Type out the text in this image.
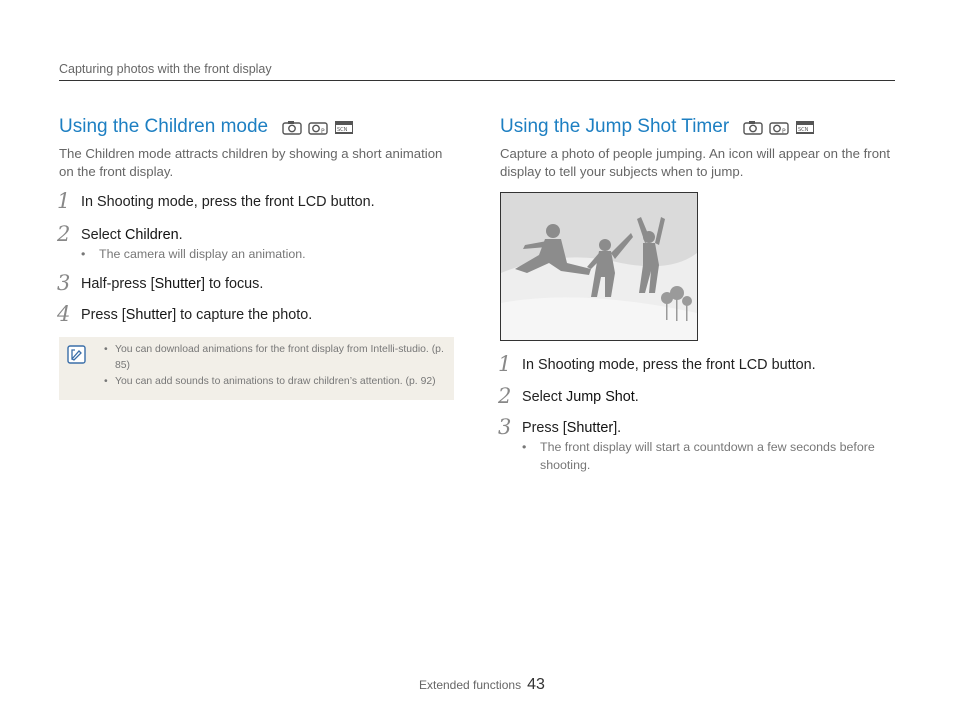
Capturing photos with the front display
Using the Children mode	P SCN

The Children mode attracts children by showing a short animation on the front display.

1 In Shooting mode, press the front LCD button.
2 Select Children.
• The camera will display an animation.
3 Half-press [Shutter] to focus.
4 Press [Shutter] to capture the photo.
• You can download animations for the front display from Intelli-studio. (p. 85)
• You can add sounds to animations to draw children’s attention. (p. 92)
Using the Jump Shot Timer	P SCN

Capture a photo of people jumping. An icon will appear on the front display to tell your subjects when to jump.

1 In Shooting mode, press the front LCD button.
2 Select Jump Shot.
3 Press [Shutter].
• The front display will start a countdown a few seconds before shooting.
Extended functions 43
